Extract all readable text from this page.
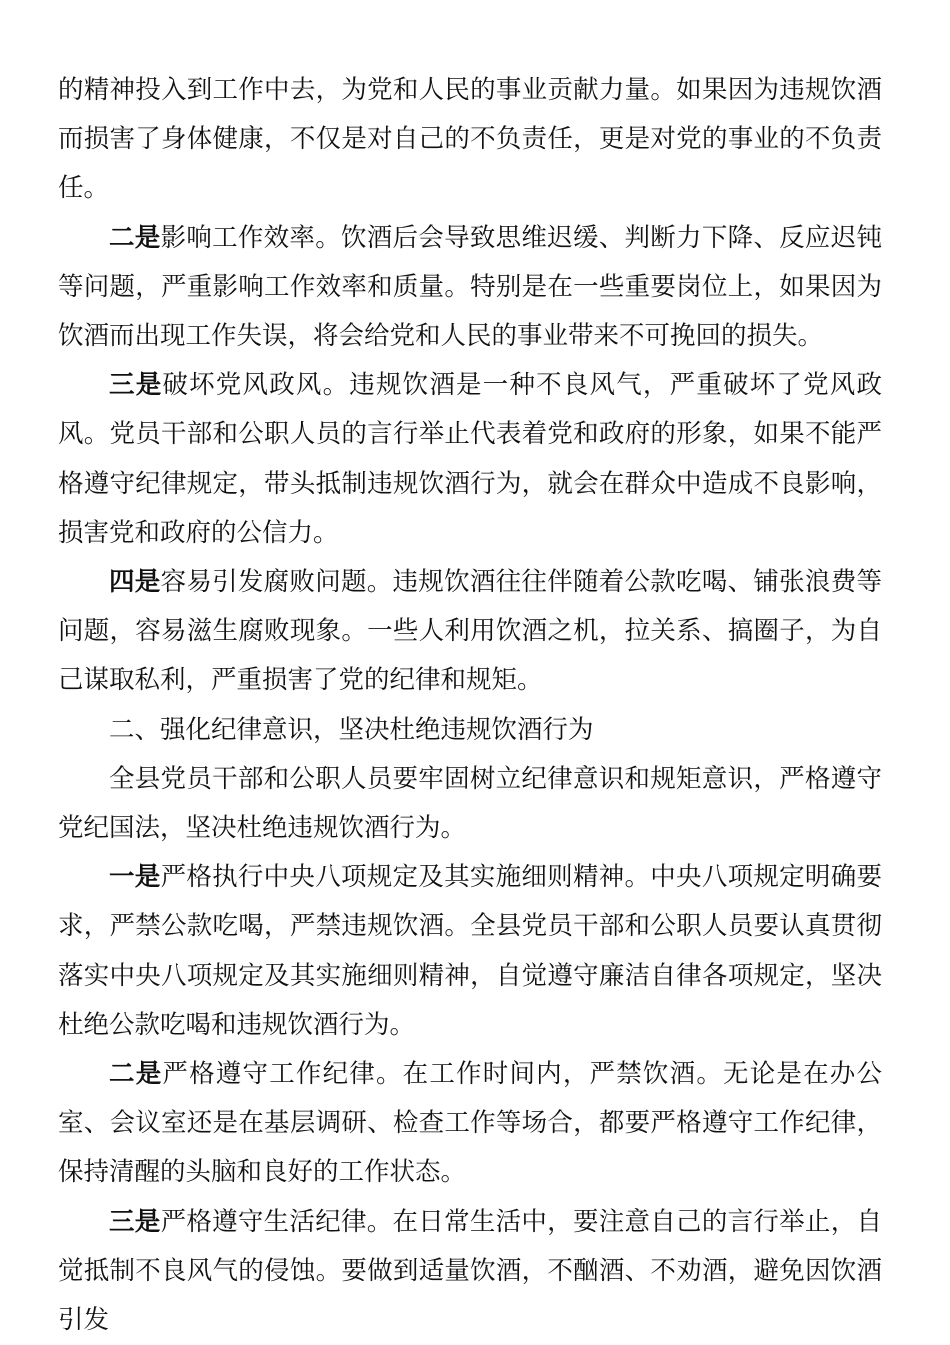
的精神投入到工作中去，为党和人民的事业贡献力量。如果因为违规饮酒而损害了身体健康，不仅是对自己的不负责任，更是对党的事业的不负责任。

二是影响工作效率。饮酒后会导致思维迟缓、判断力下降、反应迟钝等问题，严重影响工作效率和质量。特别是在一些重要岗位上，如果因为饮酒而出现工作失误，将会给党和人民的事业带来不可挽回的损失。

三是破坏党风政风。违规饮酒是一种不良风气，严重破坏了党风政风。党员干部和公职人员的言行举止代表着党和政府的形象，如果不能严格遵守纪律规定，带头抵制违规饮酒行为，就会在群众中造成不良影响，损害党和政府的公信力。

四是容易引发腐败问题。违规饮酒往往伴随着公款吃喝、铺张浪费等问题，容易滋生腐败现象。一些人利用饮酒之机，拉关系、搞圈子，为自己谋取私利，严重损害了党的纪律和规矩。

二、强化纪律意识，坚决杜绝违规饮酒行为

全县党员干部和公职人员要牢固树立纪律意识和规矩意识，严格遵守党纪国法，坚决杜绝违规饮酒行为。

一是严格执行中央八项规定及其实施细则精神。中央八项规定明确要求，严禁公款吃喝，严禁违规饮酒。全县党员干部和公职人员要认真贯彻落实中央八项规定及其实施细则精神，自觉遵守廉洁自律各项规定，坚决杜绝公款吃喝和违规饮酒行为。

二是严格遵守工作纪律。在工作时间内，严禁饮酒。无论是在办公室、会议室还是在基层调研、检查工作等场合，都要严格遵守工作纪律，保持清醒的头脑和良好的工作状态。

三是严格遵守生活纪律。在日常生活中，要注意自己的言行举止，自觉抵制不良风气的侵蚀。要做到适量饮酒，不酗酒、不劝酒，避免因饮酒引发
